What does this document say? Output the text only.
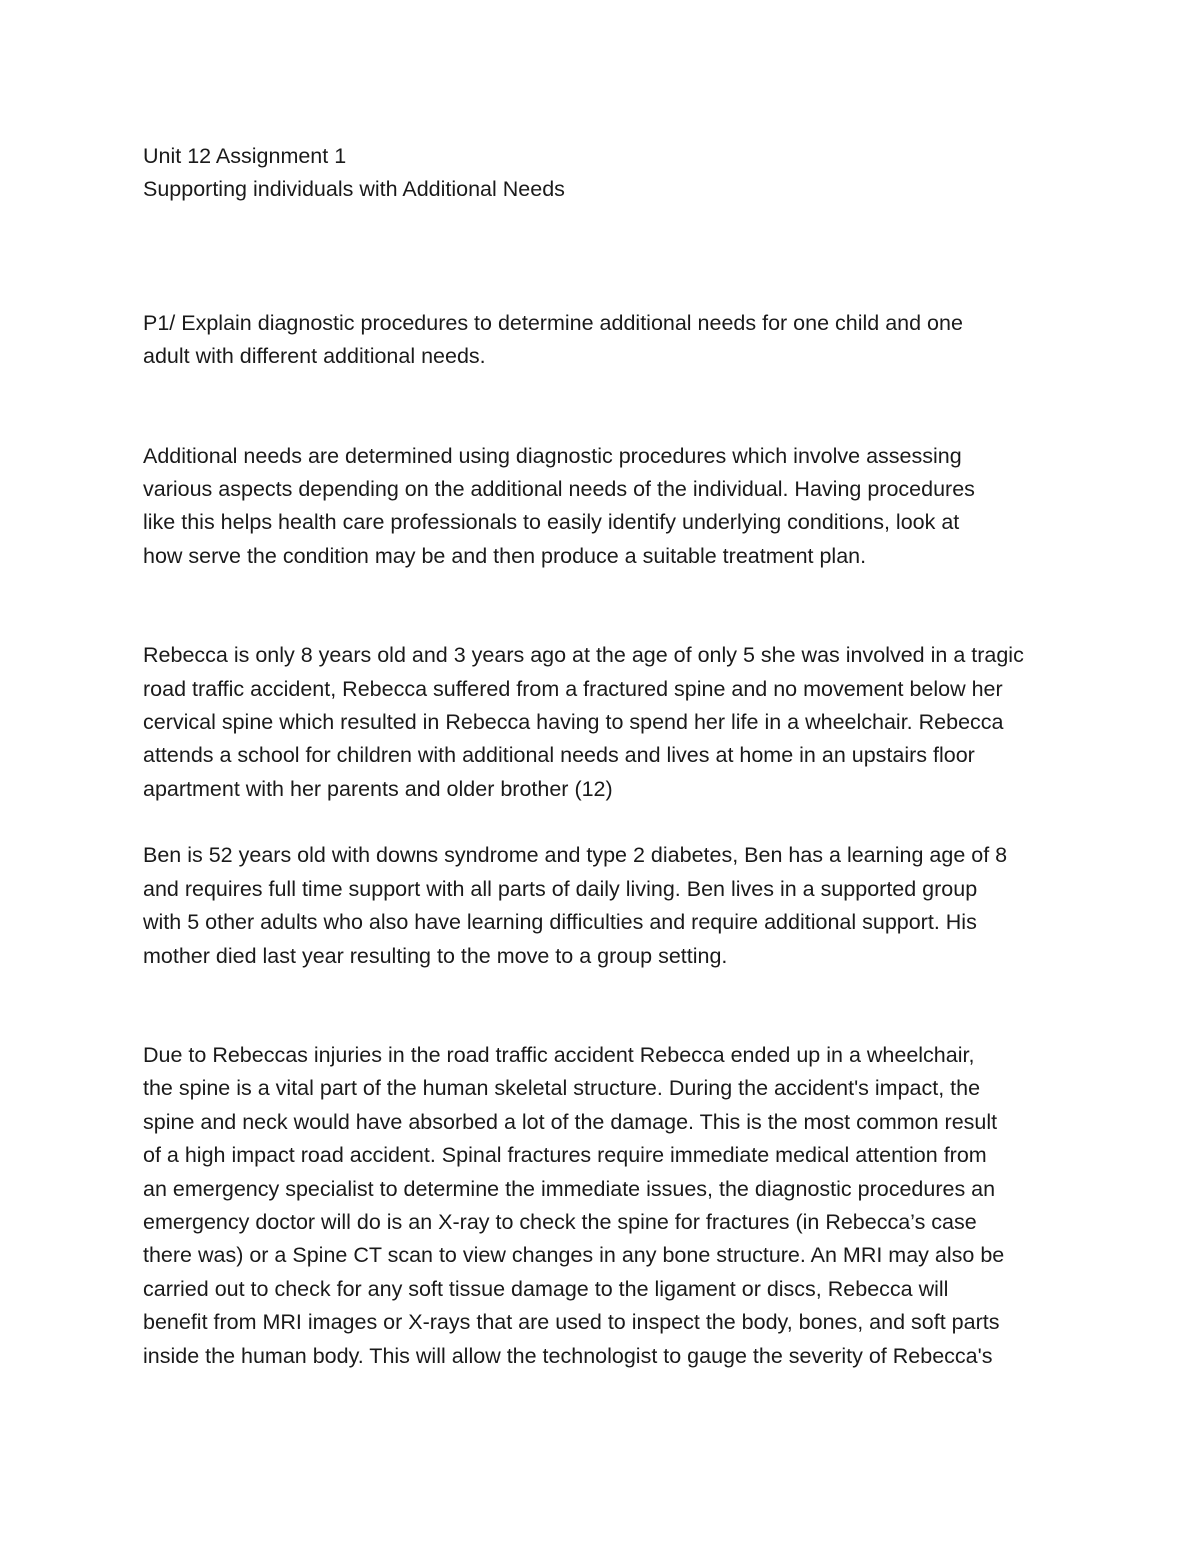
Unit 12 Assignment 1

Supporting individuals with Additional Needs

P1/ Explain diagnostic procedures to determine additional needs for one child and one
adult with different additional needs.
Additional needs are determined using diagnostic procedures which involve assessing
various aspects depending on the additional needs of the individual. Having procedures
like this helps health care professionals to easily identify underlying conditions, look at
how serve the condition may be and then produce a suitable treatment plan.
Rebecca is only 8 years old and 3 years ago at the age of only 5 she was involved in a tragic
road traffic accident, Rebecca suffered from a fractured spine and no movement below her
cervical spine which resulted in Rebecca having to spend her life in a wheelchair. Rebecca
attends a school for children with additional needs and lives at home in an upstairs floor
apartment with her parents and older brother (12)
Ben is 52 years old with downs syndrome and type 2 diabetes, Ben has a learning age of 8
and requires full time support with all parts of daily living. Ben lives in a supported group
with 5 other adults who also have learning difficulties and require additional support. His
mother died last year resulting to the move to a group setting.
Due to Rebeccas injuries in the road traffic accident Rebecca ended up in a wheelchair,
the spine is a vital part of the human skeletal structure. During the accident's impact, the
spine and neck would have absorbed a lot of the damage. This is the most common result
of a high impact road accident. Spinal fractures require immediate medical attention from
an emergency specialist to determine the immediate issues, the diagnostic procedures an
emergency doctor will do is an X-ray to check the spine for fractures (in Rebecca’s case
there was) or a Spine CT scan to view changes in any bone structure. An MRI may also be
carried out to check for any soft tissue damage to the ligament or discs, Rebecca will
benefit from MRI images or X-rays that are used to inspect the body, bones, and soft parts
inside the human body. This will allow the technologist to gauge the severity of Rebecca's
